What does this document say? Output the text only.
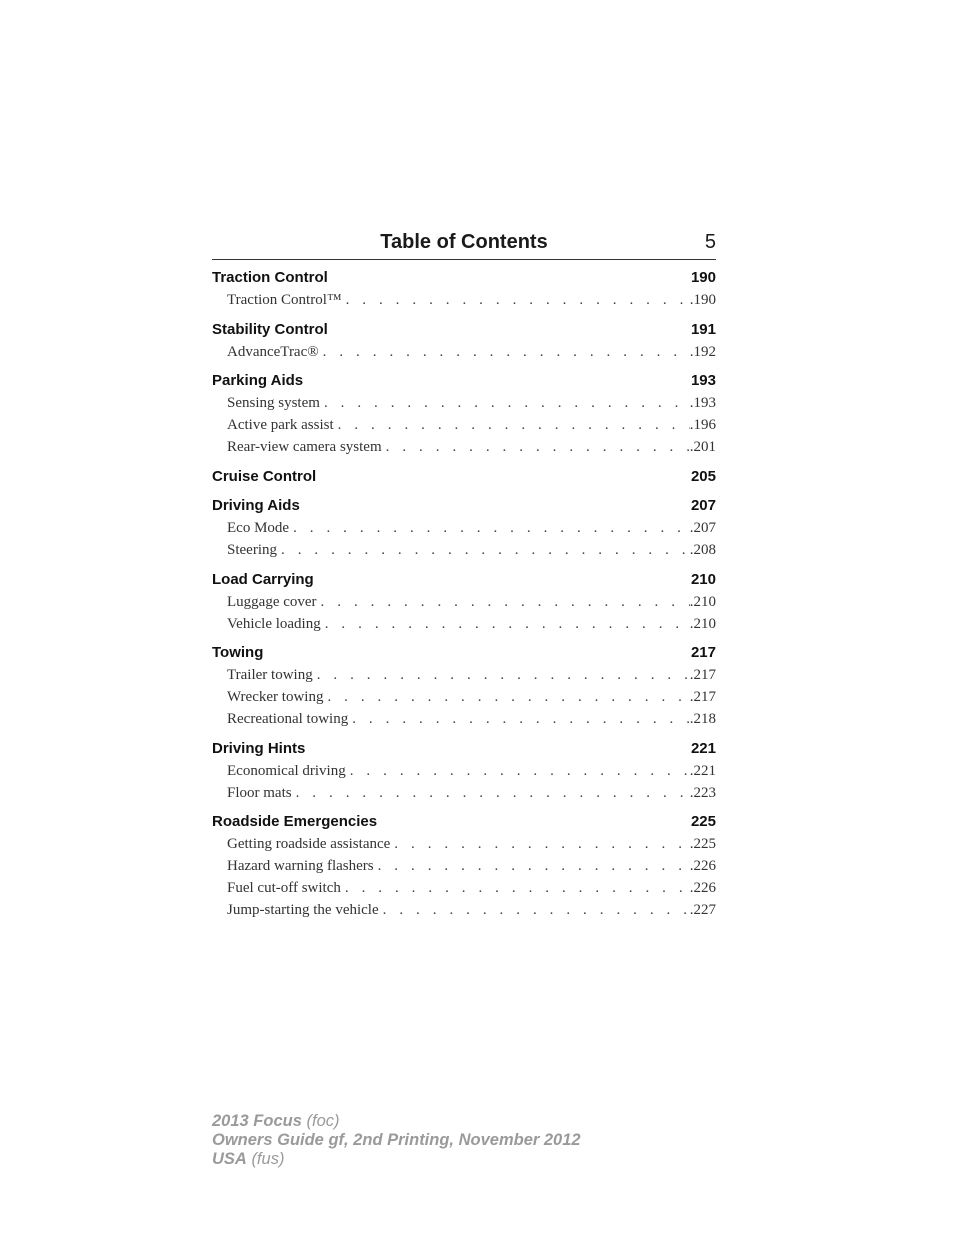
Table of Contents	5
Traction Control	190
Traction Control™ . . .	.190
Stability Control	191
AdvanceTrac® . . .	.192
Parking Aids	193
Sensing system . . .	.193
Active park assist . . .	.196
Rear-view camera system . . .	.201
Cruise Control	205
Driving Aids	207
Eco Mode . . .	.207
Steering . . .	.208
Load Carrying	210
Luggage cover . . .	.210
Vehicle loading . . .	.210
Towing	217
Trailer towing . . .	.217
Wrecker towing . . .	.217
Recreational towing . . .	.218
Driving Hints	221
Economical driving . . .	.221
Floor mats . . .	.223
Roadside Emergencies	225
Getting roadside assistance . . .	.225
Hazard warning flashers . . .	.226
Fuel cut-off switch . . .	.226
Jump-starting the vehicle . . .	.227
2013 Focus (foc)
Owners Guide gf, 2nd Printing, November 2012
USA (fus)
